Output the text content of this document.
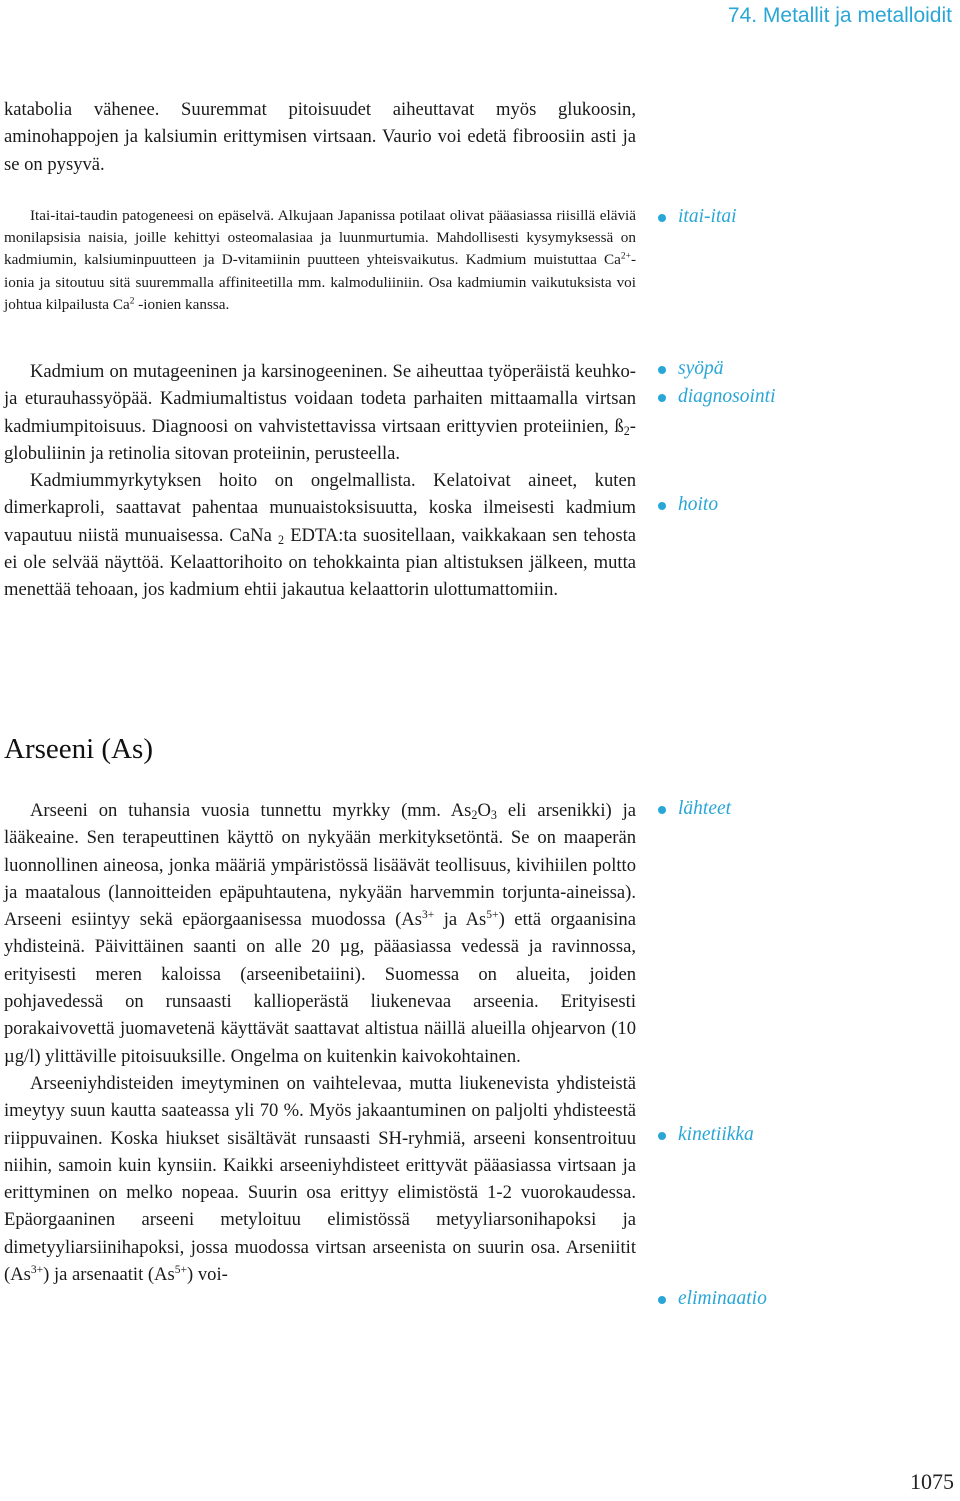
74. Metallit ja metalloidit

katabolia vähenee. Suuremmat pitoisuudet aiheuttavat myös glukoosin, aminohappojen ja kalsiumin erittymisen virtsaan. Vaurio voi edetä fibroosiin asti ja se on pysyvä.

Itai-itai-taudin patogeneesi on epäselvä. Alkujaan Japanissa potilaat olivat pääasiassa riisillä eläviä monilapsisia naisia, joille kehittyi osteomalasiaa ja luunmurtumia. Mahdollisesti kysymyksessä on kadmiumin, kalsiuminpuutteen ja D-vitamiinin puutteen yhteisvaikutus. Kadmium muistuttaa $Ca^{2+}$-ionia ja sitoutuu sitä suuremmalla affiniteetilla mm. kalmoduliiniin. Osa kadmiumin vaikutuksista voi johtua kilpailusta Ca$^2$ -ionien kanssa.

Kadmium on mutageeninen ja karsinogeeninen. Se aiheuttaa työperäistä keuhko- ja eturauhassyöpää. Kadmiumaltistus voidaan todeta parhaiten mittaamalla virtsan kadmiumpitoisuus. Diagnoosi on vahvistettavissa virtsaan erittyvien proteiinien, $ß_2$-globuliinin ja retinolia sitovan proteiinin, perusteella.

Kadmiummyrkytyksen hoito on ongelmallista. Kelatoivat aineet, kuten dimerkaproli, saattavat pahentaa munuaistoksisuutta, koska ilmeisesti kadmium vapautuu niistä munuaisessa. CaNa $_2$ EDTA:ta suositellaan, vaikkakaan sen tehosta ei ole selvää näyttöä. Kelaattorihoito on tehokkainta pian altistuksen jälkeen, mutta menettää tehoaan, jos kadmium ehtii jakautua kelaattorin ulottumattomiin.

Arseeni (As)

Arseeni on tuhansia vuosia tunnettu myrkky (mm. $As_2O_3$ eli arsenikki) ja lääkeaine. Sen terapeuttinen käyttö on nykyään merkityksetöntä. Se on maaperän luonnollinen aineosa, jonka määriä ympäristössä lisäävät teollisuus, kivihiilen poltto ja maatalous (lannoitteiden epäpuhtautena, nykyään harvemmin torjunta-aineissa). Arseeni esiintyy sekä epäorgaanisessa muodossa ($As^{3+}$ ja $As^{5+}$) että orgaanisina yhdisteinä. Päivittäinen saanti on alle 20 µg, pääasiassa vedessä ja ravinnossa, erityisesti meren kaloissa (arseenibetaiini). Suomessa on alueita, joiden pohjavedessä on runsaasti kallioperästä liukenevaa arseenia. Erityisesti porakaivovettä juomavetenä käyttävät saattavat altistua näillä alueilla ohjearvon (10 µg/l) ylittäville pitoisuuksille. Ongelma on kuitenkin kaivokohtainen.

Arseeniyhdisteiden imeytyminen on vaihtelevaa, mutta liukenevista yhdisteistä imeytyy suun kautta saateassa yli 70 %. Myös jakaantuminen on paljolti yhdisteestä riippuvainen. Koska hiukset sisältävät runsaasti SH-ryhmiä, arseeni konsentroituu niihin, samoin kuin kynsiin. Kaikki arseeniyhdisteet erittyvät pääasiassa virtsaan ja erittyminen on melko nopeaa. Suurin osa erittyy elimistöstä 1-2 vuorokaudessa. Epäorgaaninen arseeni metyloituu elimistössä metyyliarsonihapoksi ja dimetyyliarsiinihapoksi, jossa muodossa virtsan arseenista on suurin osa. Arseniitit $(As^{3+})$ ja arsenaatit $(As^{5+})$ voi-

itai-itai
syöpä
diagnosointi
hoito
lähteet
kinetiikka
eliminaatio
1075
